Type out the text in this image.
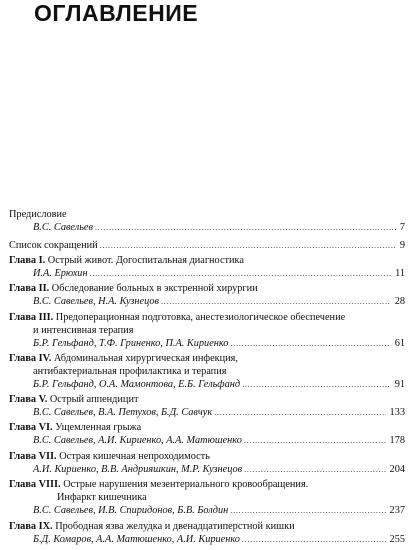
ОГЛАВЛЕНИЕ
Предисловие
В.С. Савельев . . .	7
Список сокращений . . .	9
Глава I.
Острый живот. Догоспитальная диагностика
И.А. Ерюхин . . .	11
Глава II.
Обследование больных в экстренной хирургии
В.С. Савельев, Н.А. Кузнецов . . .	28
Глава III.
Предоперационная подготовка, анестезиологическое обеспечение
и интенсивная терапия
Б.Р. Гельфанд, Т.Ф. Гриненко, П.А. Кириенко . . .	61
Глава IV.
Абдоминальная хирургическая инфекция,
антибактериальная профилактика и терапия
Б.Р. Гельфанд, О.А. Мамонтова, Е.Б. Гельфанд . . .	91
Глава V.
Острый аппендицит
В.С. Савельев, В.А. Петухов, Б.Д. Савчук . . .	133
Глава VI.
Ущемленная грыжа
В.С. Савельев, А.И. Кириенко, А.А. Матюшенко . . .	178
Глава VII.
Острая кишечная непроходимость
А.И. Кириенко, В.В. Андрияшкин, М.Р. Кузнецов . . .	204
Глава VIII.
Острые нарушения мезентериального кровообращения.
Инфаркт кишечника
В.С. Савельев, И.В. Спиридонов, Б.В. Болдин . . .	237
Глава IX.
Прободная язва желудка и двенадцатиперстной кишки
Б.Д. Комаров, А.А. Матюшенко, А.И. Кириенко . . .	255
